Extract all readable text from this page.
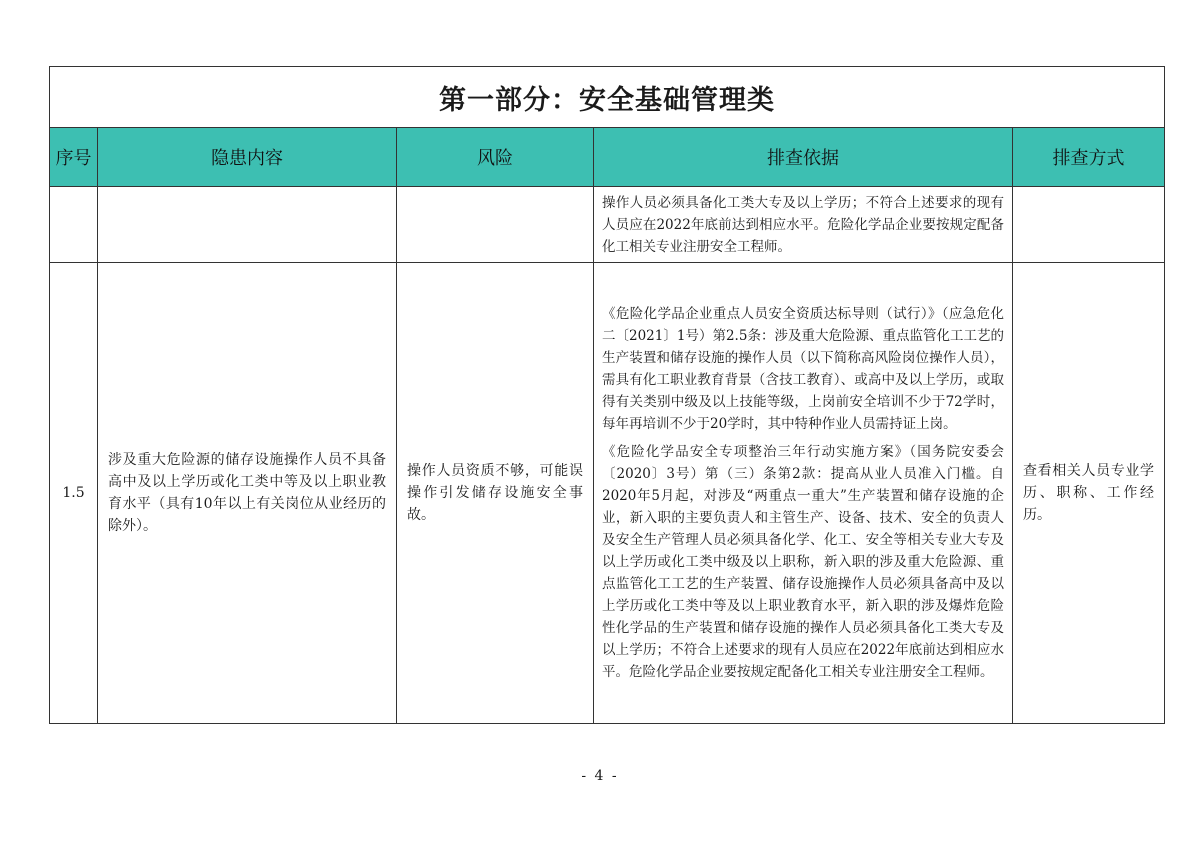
第一部分：安全基础管理类				
序号	隐患内容	风险	排查依据	排查方式

			操作人员必须具备化工类大专及以上学历；不符合上述要求的现有人员应在2022年底前达到相应水平。危险化学品企业要按规定配备化工相关专业注册安全工程师。	

1.5	涉及重大危险源的储存设施操作人员不具备高中及以上学历或化工类中等及以上职业教育水平（具有10年以上有关岗位从业经历的除外）。	操作人员资质不够，可能误操作引发储存设施安全事故。	《危险化学品企业重点人员安全资质达标导则（试行）》（应急危化二〔2021〕1号）第2.5条：涉及重大危险源、重点监管化工工艺的生产装置和储存设施的操作人员（以下简称高风险岗位操作人员），需具有化工职业教育背景（含技工教育）、或高中及以上学历，或取得有关类别中级及以上技能等级，上岗前安全培训不少于72学时，每年再培训不少于20学时，其中特种作业人员需持证上岗。

《危险化学品安全专项整治三年行动实施方案》（国务院安委会〔2020〕3号）第（三）条第2款：提高从业人员准入门槛。自2020年5月起，对涉及“两重点一重大”生产装置和储存设施的企业，新入职的主要负责人和主管生产、设备、技术、安全的负责人及安全生产管理人员必须具备化学、化工、安全等相关专业大专及以上学历或化工类中级及以上职称，新入职的涉及重大危险源、重点监管化工工艺的生产装置、储存设施操作人员必须具备高中及以上学历或化工类中等及以上职业教育水平，新入职的涉及爆炸危险性化学品的生产装置和储存设施的操作人员必须具备化工类大专及以上学历；不符合上述要求的现有人员应在2022年底前达到相应水平。危险化学品企业要按规定配备化工相关专业注册安全工程师。	查看相关人员专业学历、职称、工作经历。
- 4 -
